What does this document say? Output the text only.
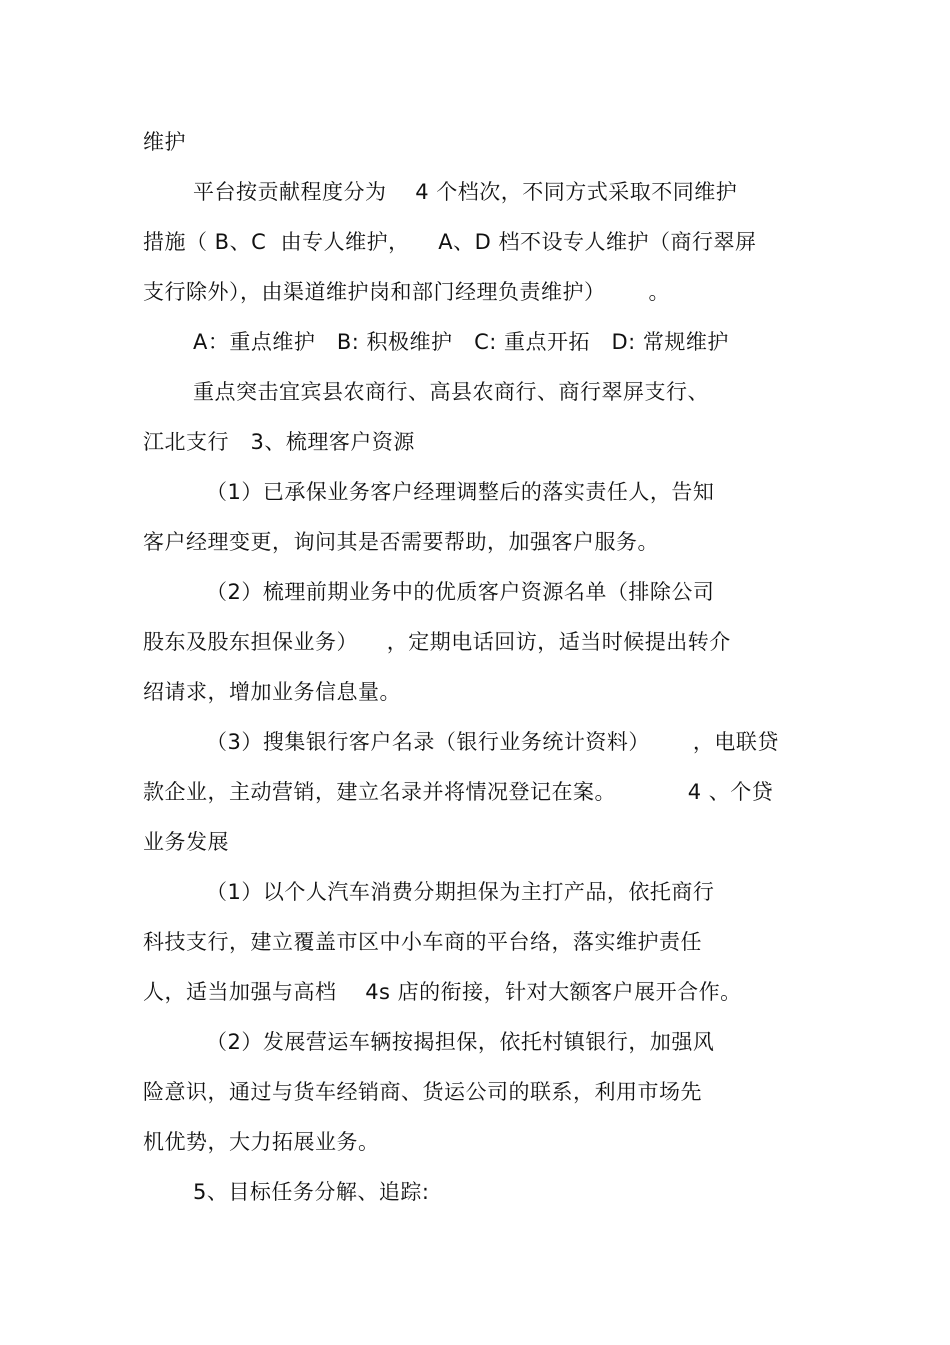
维护
平台按贡献程度分为    4 个档次，不同方式采取不同维护
措施（ B、C  由专人维护，    A、D 档不设专人维护（商行翠屏
支行除外），由渠道维护岗和部门经理负责维护）      。
A：重点维护   B: 积极维护   C: 重点开拓   D: 常规维护
重点突击宜宾县农商行、高县农商行、商行翠屏支行、
江北支行   3、梳理客户资源
（1）已承保业务客户经理调整后的落实责任人，告知
客户经理变更，询问其是否需要帮助，加强客户服务。
（2）梳理前期业务中的优质客户资源名单（排除公司
股东及股东担保业务）    ，定期电话回访，适当时候提出转介
绍请求，增加业务信息量。
（3）搜集银行客户名录（银行业务统计资料）      ，电联贷
款企业，主动营销，建立名录并将情况登记在案。          4 、个贷
业务发展
（1）以个人汽车消费分期担保为主打产品，依托商行
科技支行，建立覆盖市区中小车商的平台络，落实维护责任
人，适当加强与高档    4s 店的衔接，针对大额客户展开合作。
（2）发展营运车辆按揭担保，依托村镇银行，加强风
险意识，通过与货车经销商、货运公司的联系，利用市场先
机优势，大力拓展业务。
5、目标任务分解、追踪:
